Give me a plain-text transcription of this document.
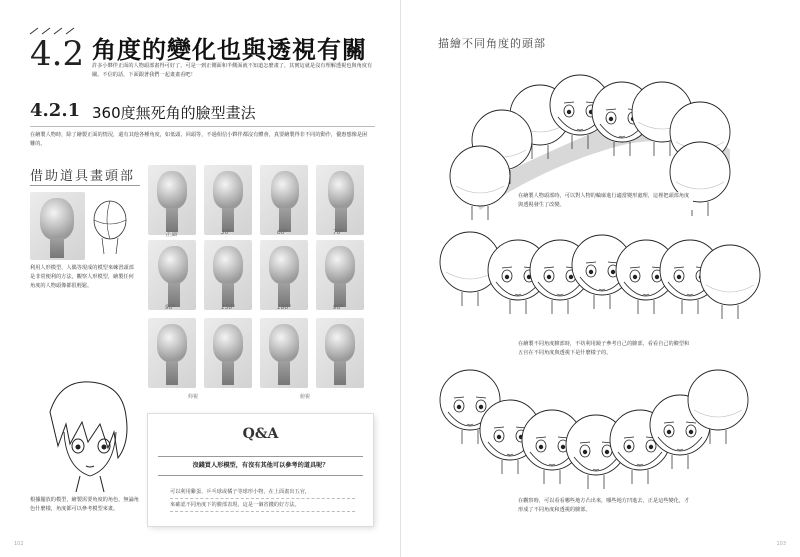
4.2 角度的變化也與透視有關
許多小夥伴正面的人物頭部畫得可好了，可是一到正側面和半側面就不知道怎麼畫了，其實這就是沒有理解透視也與角度有關。不信的話，下面跟著我們一起畫畫看吧！
4.2.1 360度無死角的臉型畫法
在繪製人物時，除了繪製正面的情況，還有其他各種角度，如低頭、回頭等，不過相信小夥伴都沒有體會，真要繪製得非不同的動作，優惠想像是困難的。
借助道具畫頭部
利用人形模型、人偶等現成的模型來練習頭部是非常便利的方法，觀察人形模型，繪製任何角度的人物頭像都很輕鬆。
正面	30°	60°	70°
90°	150°	180°	90°
仰視	俯視
根據擺放的模型，繪製需要角度的角色，無論角色什麼樣，角度都可以參考模型來畫。
Q&A
沒錢買人形模型，有沒有其他可以參考的道具呢？
可以利用雞蛋、乒乓球或橘子等球形小物，在上面畫出五官，
來確認不同角度下的臉部表現，這是一個省錢的好方法。
102
描繪不同角度的頭部
在繪製人物頭部時，可以對人物的輪廓進行適當變形處理，這裡把頭部角度與透視發生了改變。
在繪製不同角度臉部時，不妨利用鏡子參考自己的臉部，看看自己的臉型和五官在不同角度與透視下是什麼樣子的。
在觀察時，可以看看哪些地方凸出來，哪些地方凹進去，正是這些變化，才形成了不同角度和透視的臉部。
103
